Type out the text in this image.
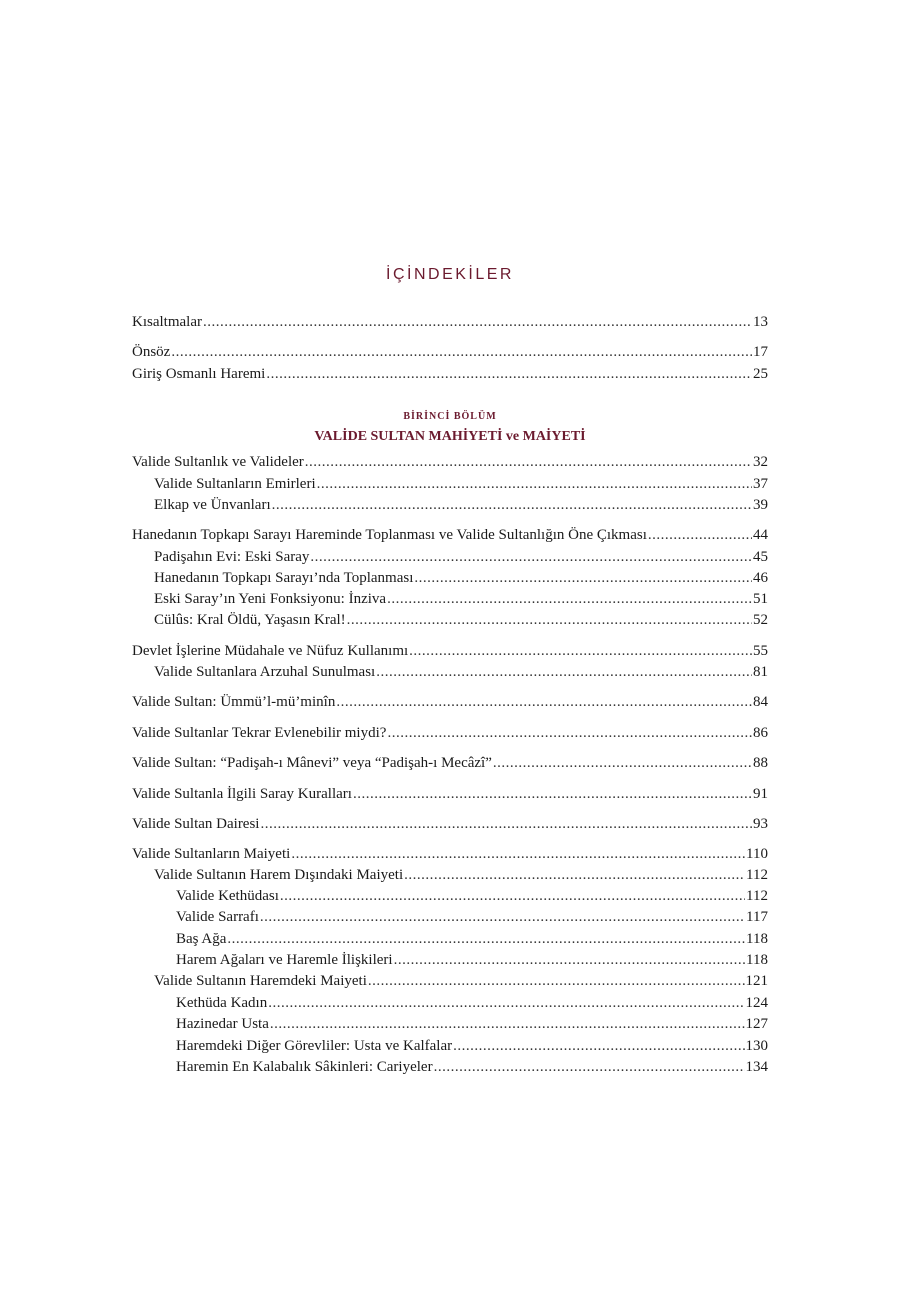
İÇİNDEKİLER
Kısaltmalar .....	13
Önsöz .....	17
Giriş Osmanlı Haremi .....	25
BİRİNCİ BÖLÜM
VALİDE SULTAN MAHİYETİ ve MAİYETİ
Valide Sultanlık ve Valideler .....	32
Valide Sultanların Emirleri .....	37
Elkap ve Ünvanları .....	39
Hanedanın Topkapı Sarayı Hareminde Toplanması ve Valide Sultanlığın Öne Çıkması .....	44
Padişahın Evi: Eski Saray .....	45
Hanedanın Topkapı Sarayı’nda Toplanması .....	46
Eski Saray’ın Yeni Fonksiyonu: İnziva .....	51
Cülûs: Kral Öldü, Yaşasın Kral! .....	52
Devlet İşlerine Müdahale ve Nüfuz Kullanımı .....	55
Valide Sultanlara Arzuhal Sunulması .....	81
Valide Sultan: Ümmü’l-mü’minîn .....	84
Valide Sultanlar Tekrar Evlenebilir miydi? .....	86
Valide Sultan: “Padişah-ı Mânevi” veya “Padişah-ı Mecâzî” .....	88
Valide Sultanla İlgili Saray Kuralları .....	91
Valide Sultan Dairesi .....	93
Valide Sultanların Maiyeti .....	110
Valide Sultanın Harem Dışındaki Maiyeti .....	112
Valide Kethüdası .....	112
Valide Sarrafı .....	117
Baş Ağa .....	118
Harem Ağaları ve Haremle İlişkileri .....	118
Valide Sultanın Haremdeki Maiyeti .....	121
Kethüda Kadın .....	124
Hazinedar Usta .....	127
Haremdeki Diğer Görevliler: Usta ve Kalfalar .....	130
Haremin En Kalabalık Sâkinleri: Cariyeler .....	134
